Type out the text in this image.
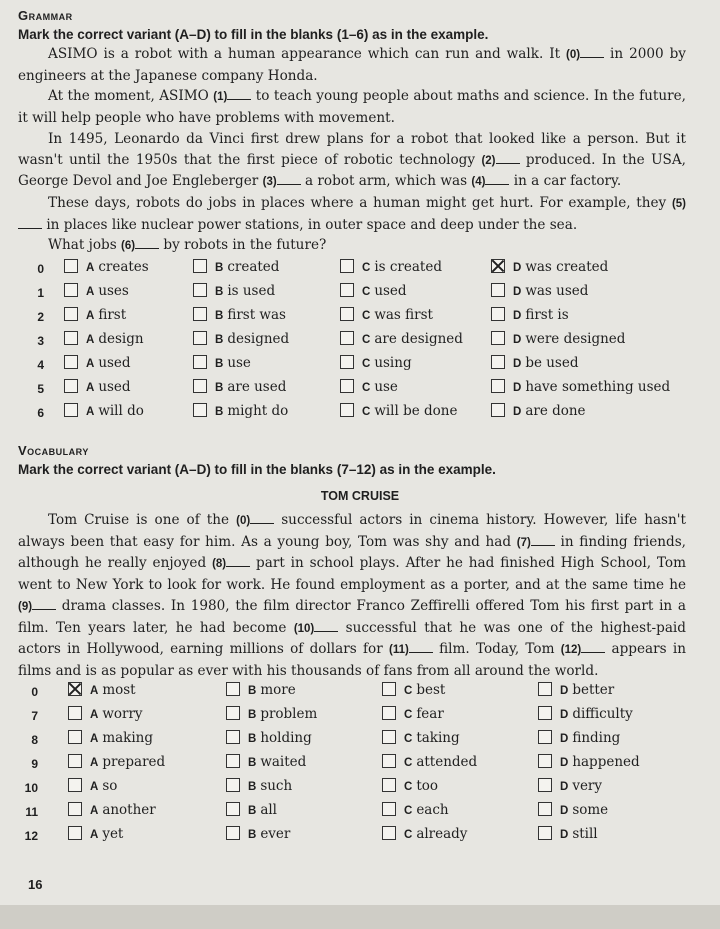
Grammar
Mark the correct variant (A–D) to fill in the blanks (1–6) as in the example.
ASIMO is a robot with a human appearance which can run and walk. It (0) in 2000 by engineers at the Japanese company Honda.
At the moment, ASIMO (1) to teach young people about maths and science. In the future, it will help people who have problems with movement.
In 1495, Leonardo da Vinci first drew plans for a robot that looked like a person. But it wasn't until the 1950s that the first piece of robotic technology (2) produced. In the USA, George Devol and Joe Engleberger (3) a robot arm, which was (4) in a car factory.
These days, robots do jobs in places where a human might get hurt. For example, they (5) in places like nuclear power stations, in outer space and deep under the sea.
What jobs (6) by robots in the future?
0	A creates	B created	C is created	D was created
1	A uses	B is used	C used	D was used
2	A first	B first was	C was first	D first is
3	A design	B designed	C are designed	D were designed
4	A used	B use	C using	D be used
5	A used	B are used	C use	D have something used
6	A will do	B might do	C will be done	D are done
Vocabulary
Mark the correct variant (A–D) to fill in the blanks (7–12) as in the example.
TOM CRUISE
Tom Cruise is one of the (0) successful actors in cinema history. However, life hasn't always been that easy for him. As a young boy, Tom was shy and had (7) in finding friends, although he really enjoyed (8) part in school plays. After he had finished High School, Tom went to New York to look for work. He found employment as a porter, and at the same time he (9) drama classes. In 1980, the film director Franco Zeffirelli offered Tom his first part in a film. Ten years later, he had become (10) successful that he was one of the highest-paid actors in Hollywood, earning millions of dollars for (11) film. Today, Tom (12) appears in films and is as popular as ever with his thousands of fans from all around the world.
0	A most	B more	C best	D better
7	A worry	B problem	C fear	D difficulty
8	A making	B holding	C taking	D finding
9	A prepared	B waited	C attended	D happened
10	A so	B such	C too	D very
11	A another	B all	C each	D some
12	A yet	B ever	C already	D still
16
